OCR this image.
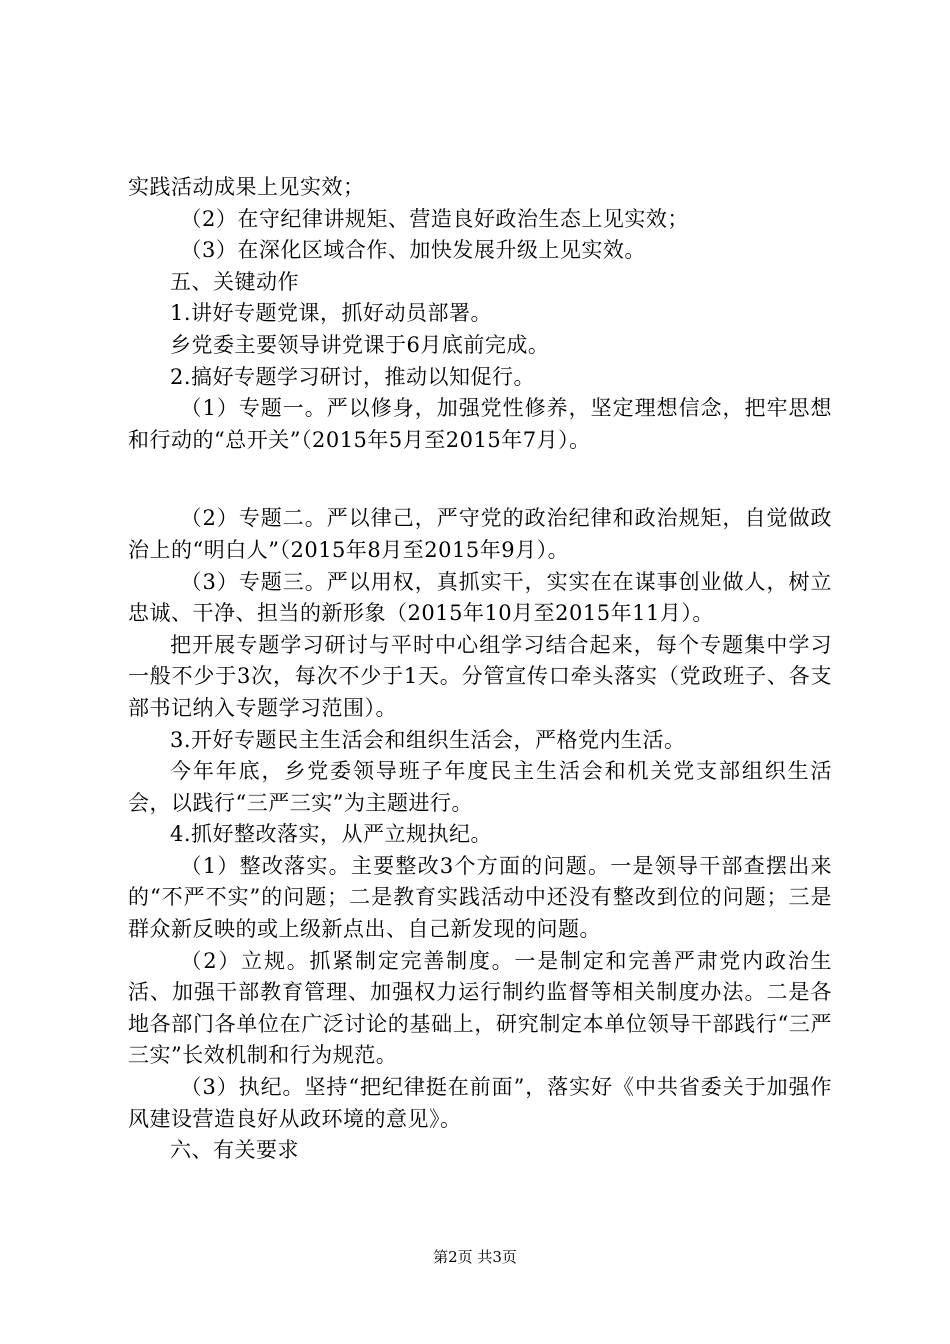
实践活动成果上见实效；

（2）在守纪律讲规矩、营造良好政治生态上见实效；

（3）在深化区域合作、加快发展升级上见实效。

五、关键动作

1.讲好专题党课，抓好动员部署。

乡党委主要领导讲党课于6月底前完成。

2.搞好专题学习研讨，推动以知促行。

（1）专题一。严以修身，加强党性修养，坚定理想信念，把牢思想和行动的“总开关”（2015年5月至2015年7月）。

（2）专题二。严以律己，严守党的政治纪律和政治规矩，自觉做政治上的“明白人”（2015年8月至2015年9月）。

（3）专题三。严以用权，真抓实干，实实在在谋事创业做人，树立忠诚、干净、担当的新形象（2015年10月至2015年11月）。

把开展专题学习研讨与平时中心组学习结合起来，每个专题集中学习一般不少于3次，每次不少于1天。分管宣传口牵头落实（党政班子、各支部书记纳入专题学习范围）。

3.开好专题民主生活会和组织生活会，严格党内生活。

今年年底，乡党委领导班子年度民主生活会和机关党支部组织生活会，以践行“三严三实”为主题进行。

4.抓好整改落实，从严立规执纪。

（1）整改落实。主要整改3个方面的问题。一是领导干部查摆出来的“不严不实”的问题；二是教育实践活动中还没有整改到位的问题；三是群众新反映的或上级新点出、自己新发现的问题。

（2）立规。抓紧制定完善制度。一是制定和完善严肃党内政治生活、加强干部教育管理、加强权力运行制约监督等相关制度办法。二是各地各部门各单位在广泛讨论的基础上，研究制定本单位领导干部践行“三严三实”长效机制和行为规范。

（3）执纪。坚持“把纪律挺在前面”，落实好《中共省委关于加强作风建设营造良好从政环境的意见》。

六、有关要求

第2页 共3页
